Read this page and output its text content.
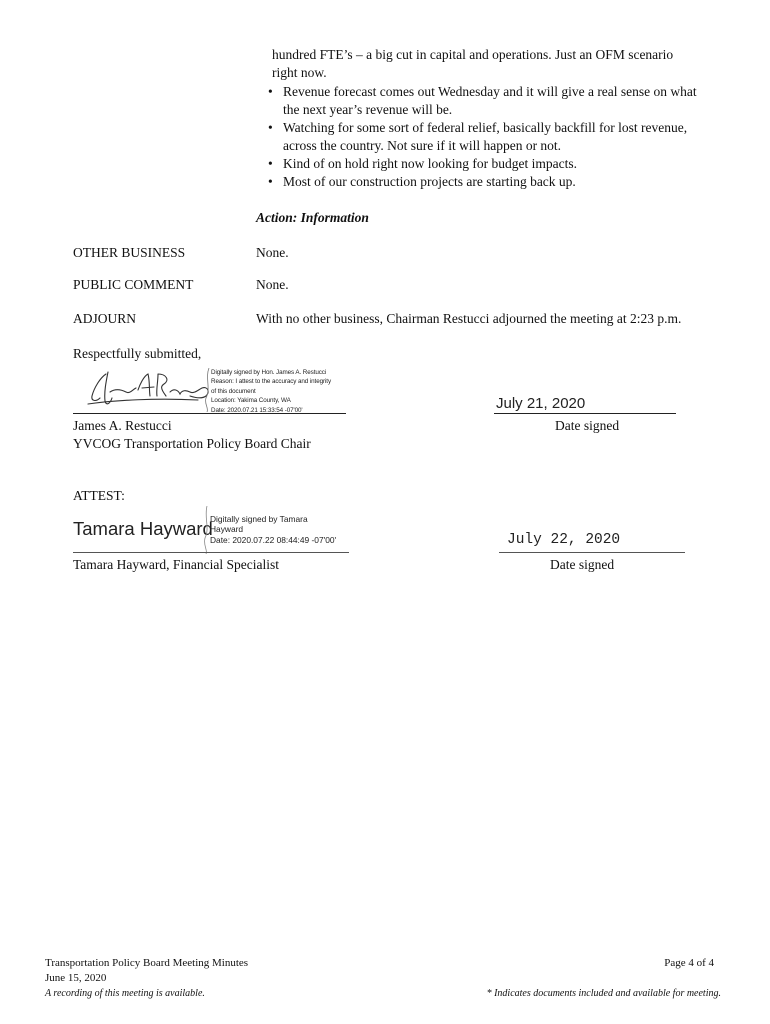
hundred FTE’s – a big cut in capital and operations. Just an OFM scenario
right now.
• Revenue forecast comes out Wednesday and it will give a real sense on what the next year’s revenue will be.
• Watching for some sort of federal relief, basically backfill for lost revenue, across the country. Not sure if it will happen or not.
• Kind of on hold right now looking for budget impacts.
• Most of our construction projects are starting back up.
Action: Information
OTHER BUSINESS	None.
PUBLIC COMMENT	None.
ADJOURN	With no other business, Chairman Restucci adjourned the meeting at 2:23 p.m.
Respectfully submitted,
Digitally signed by Hon. James A. Restucci
Reason: I attest to the accuracy and integrity
of this document
Location: Yakima County, WA
Date: 2020.07.21 15:33:54 -07'00'	July 21, 2020
Date signed
James A. Restucci
YVCOG Transportation Policy Board Chair
ATTEST:
Tamara Hayward
Digitally signed by Tamara
Hayward
Date: 2020.07.22 08:44:49 -07'00'	July 22, 2020
Date signed
Tamara Hayward, Financial Specialist
Transportation Policy Board Meeting Minutes
June 15, 2020
A recording of this meeting is available.
Page 4 of 4
* Indicates documents included and available for meeting.
